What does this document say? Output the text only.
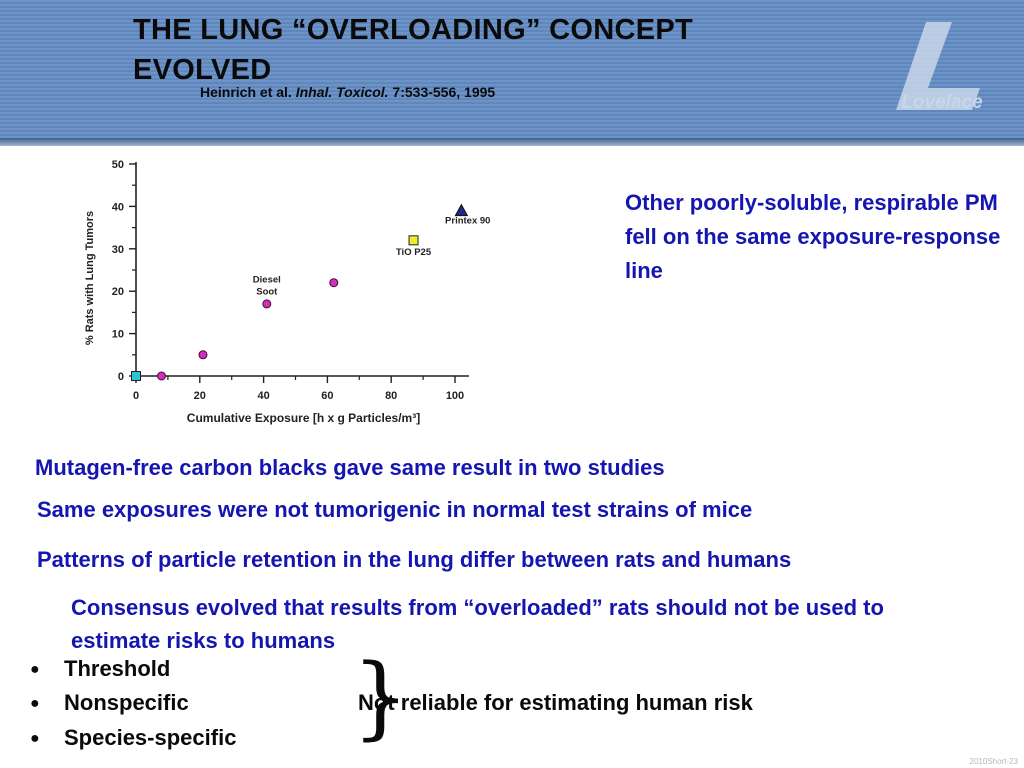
THE LUNG “OVERLOADING” CONCEPT EVOLVED
Heinrich et al. Inhal. Toxicol. 7:533-556, 1995	Lovelace
Cumulative Exposure [h x g Particles/m³]
% Rats with Lung Tumors
0	20	40	60	80	100
0
10
20
30
40
50
Diesel
Soot
TiO P25
Printex 90
Other poorly-soluble, respirable PM fell on the same exposure-response line
Mutagen-free carbon blacks gave same result in two studies
Same exposures were not tumorigenic in normal test strains of mice
Patterns of particle retention in the lung differ between rats and humans
Consensus evolved that results from “overloaded” rats should not be used to estimate risks to humans
● Threshold
● Nonspecific
● Species-specific }
Not reliable for estimating human risk
2010Short-23
